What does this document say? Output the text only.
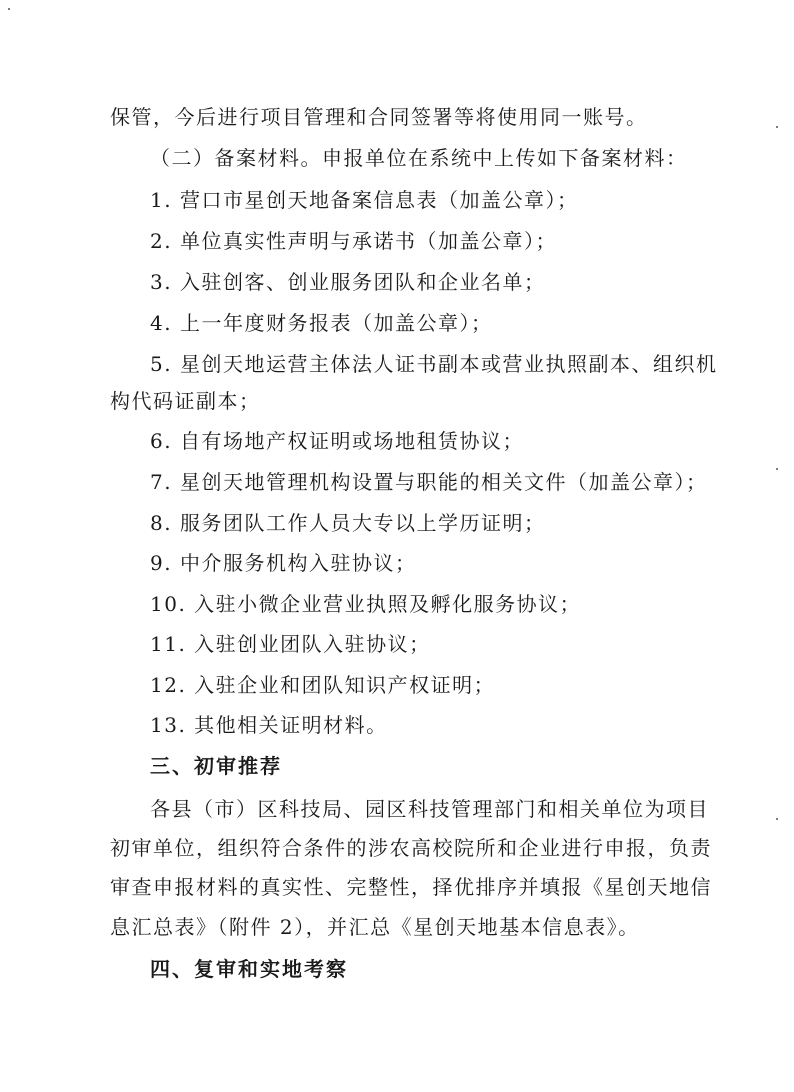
保管，今后进行项目管理和合同签署等将使用同一账号。
（二）备案材料。申报单位在系统中上传如下备案材料：
1. 营口市星创天地备案信息表（加盖公章）；
2. 单位真实性声明与承诺书（加盖公章）；
3. 入驻创客、创业服务团队和企业名单；
4. 上一年度财务报表（加盖公章）；
5. 星创天地运营主体法人证书副本或营业执照副本、组织机
构代码证副本；
6. 自有场地产权证明或场地租赁协议；
7. 星创天地管理机构设置与职能的相关文件（加盖公章）；
8. 服务团队工作人员大专以上学历证明；
9. 中介服务机构入驻协议；
10. 入驻小微企业营业执照及孵化服务协议；
11. 入驻创业团队入驻协议；
12. 入驻企业和团队知识产权证明；
13. 其他相关证明材料。
三、初审推荐
各县（市）区科技局、园区科技管理部门和相关单位为项目
初审单位，组织符合条件的涉农高校院所和企业进行申报，负责
审查申报材料的真实性、完整性，择优排序并填报《星创天地信
息汇总表》（附件 2），并汇总《星创天地基本信息表》。
四、复审和实地考察
